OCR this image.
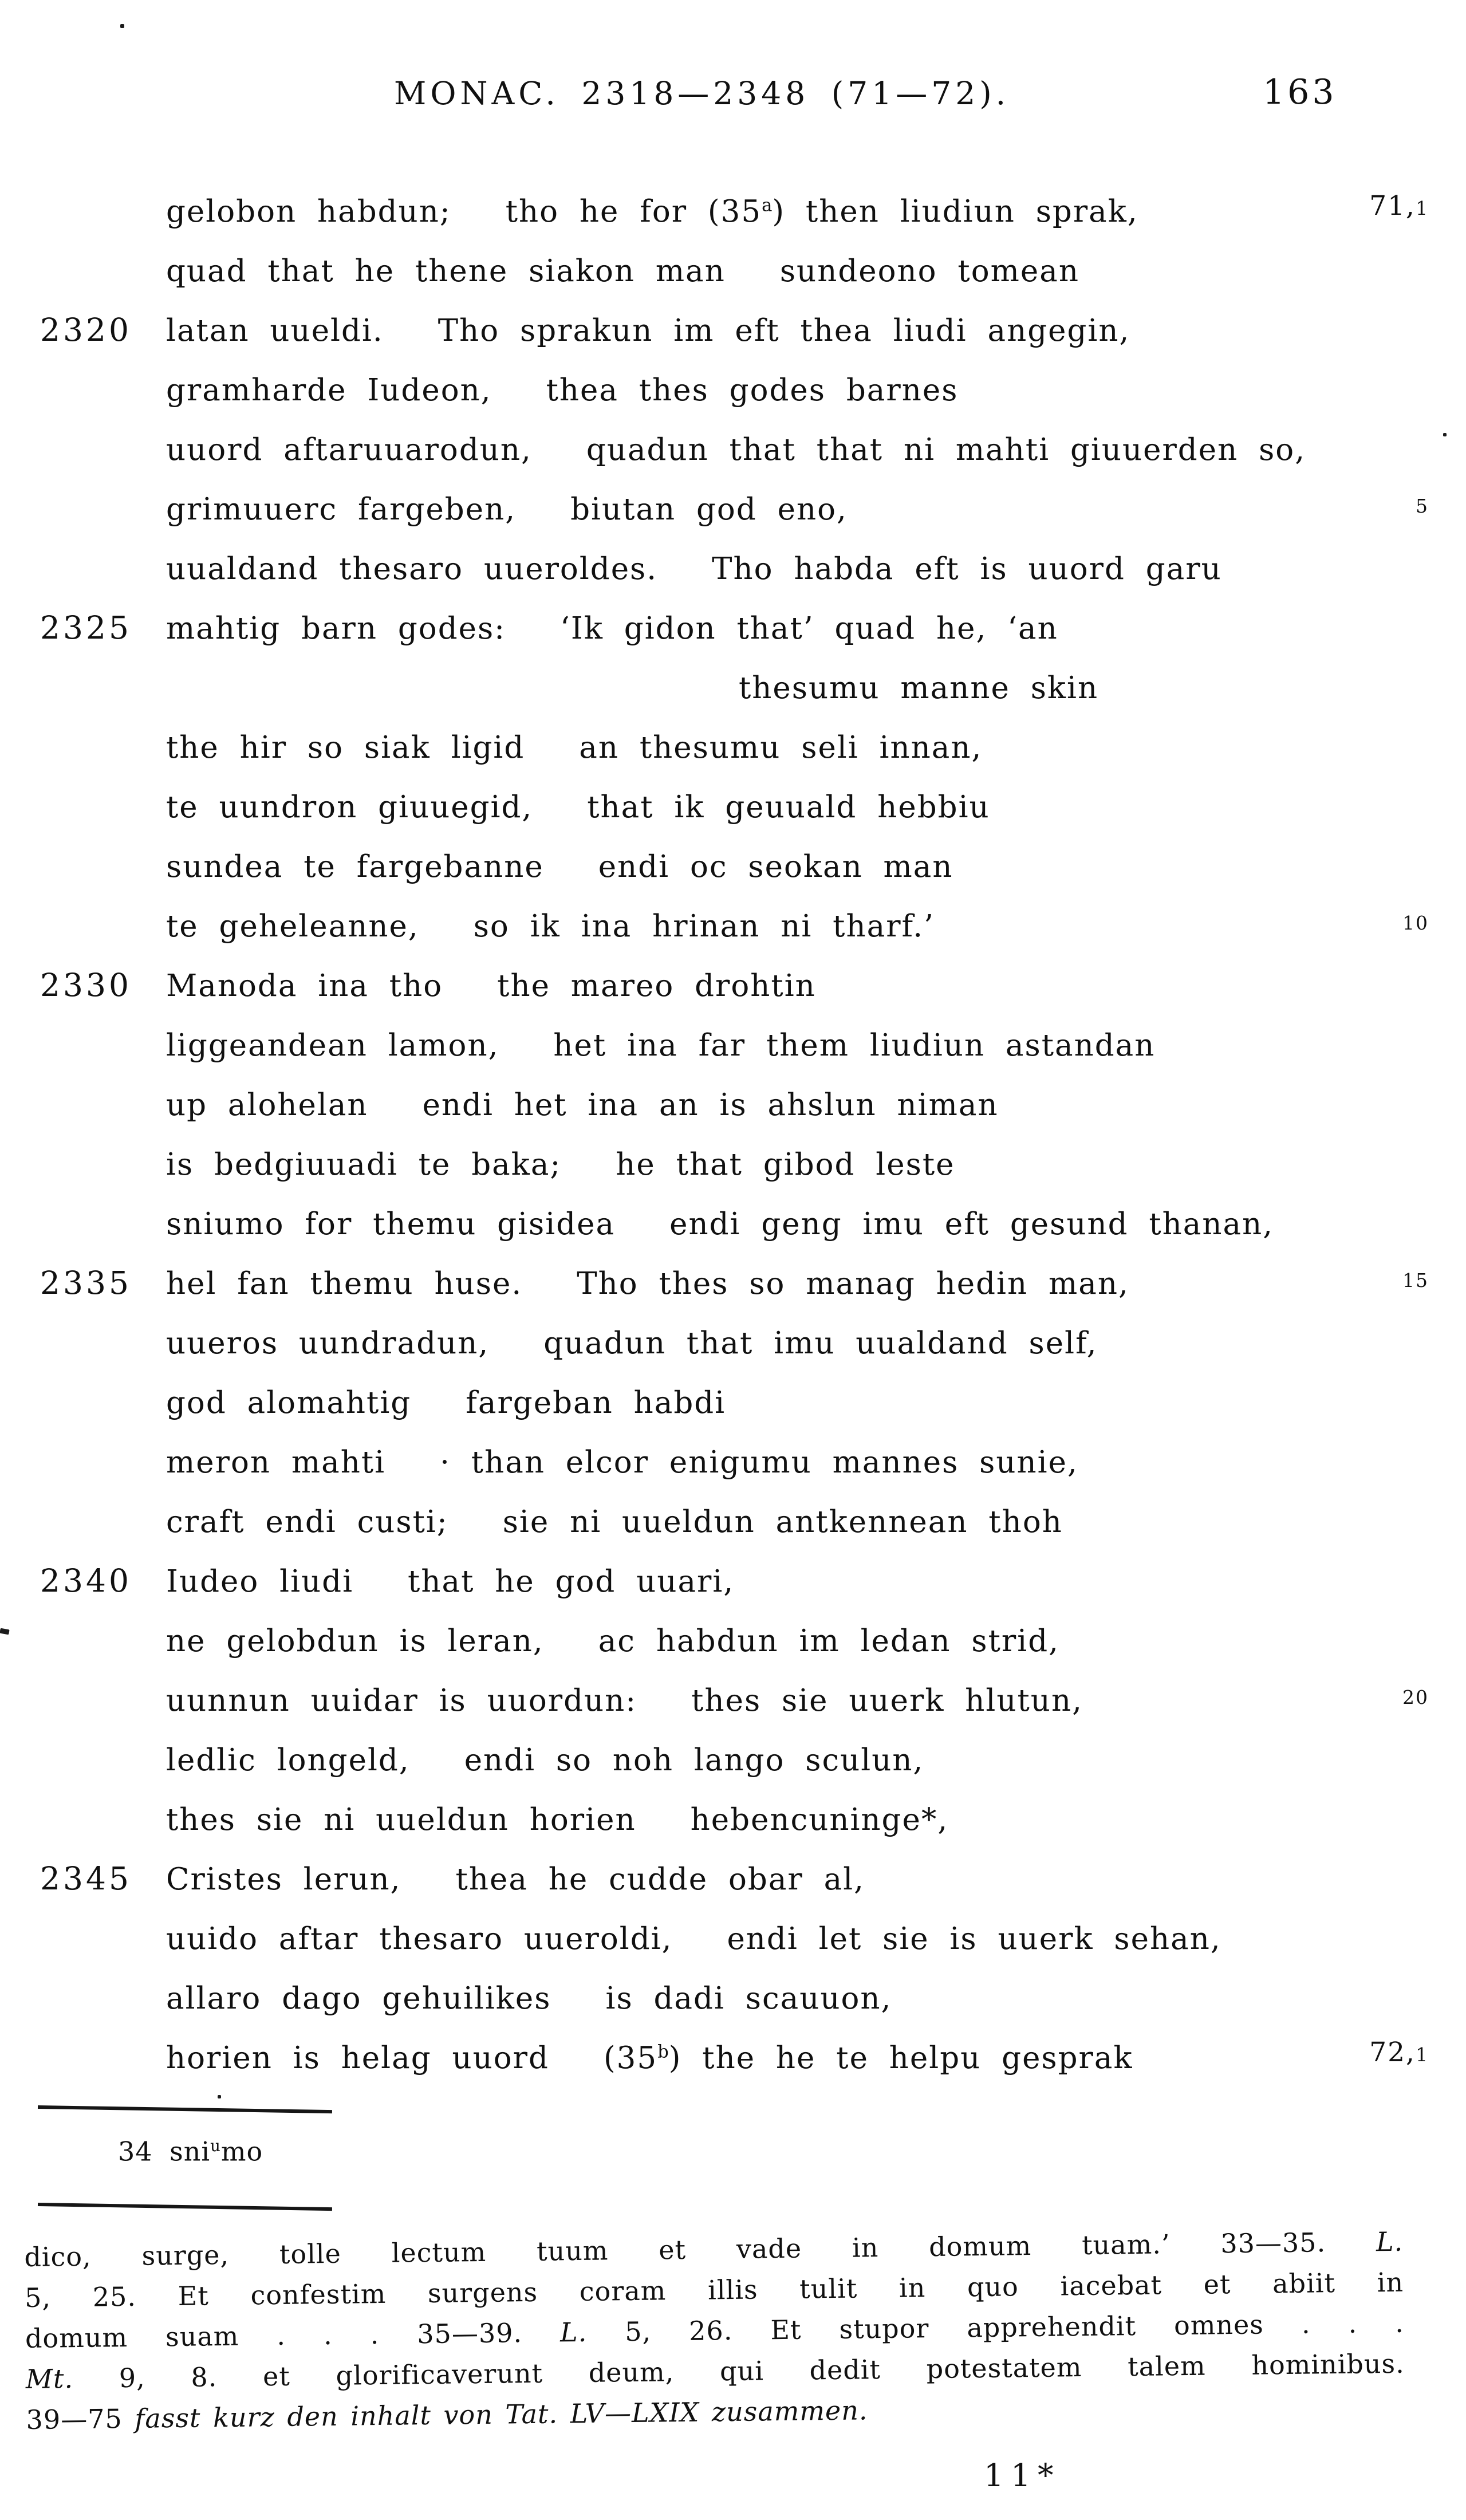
MONAC. 2318—2348 (71—72).	163
gelobon habdun; tho he for (35$^a$) then liudiun sprak,	71,1
quad that he thene siakon man sundeono tomean
2320 latan uueldi. Tho sprakun im eft thea liudi angegin,
gramharde Iudeon, thea thes godes barnes
uuord aftaruuarodun, quadun that that ni mahti giuuerden so,
grimuuerc fargeben, biutan god eno,	5
uualdand thesaro uueroldes. Tho habda eft is uuord garu
2325 mahtig barn godes: ‘Ik gidon that’ quad he, ‘an
thesumu manne skin
the hir so siak ligid an thesumu seli innan,
te uundron giuuegid, that ik geuuald hebbiu
sundea te fargebanne endi oc seokan man
te geheleanne, so ik ina hrinan ni tharf.’	10
2330 Manoda ina tho the mareo drohtin
liggeandean lamon, het ina far them liudiun astandan
up alohelan endi het ina an is ahslun niman
is bedgiuuadi te baka; he that gibod leste
sniumo for themu gisidea endi geng imu eft gesund thanan,
2335 hel fan themu huse. Tho thes so manag hedin man,	15
uueros uundradun, quadun that imu uualdand self,
god alomahtig fargeban habdi
meron mahti · than elcor enigumu mannes sunie,
craft endi custi; sie ni uueldun antkennean thoh
2340 Iudeo liudi that he god uuari,
ne gelobdun is leran, ac habdun im ledan strid,
uunnun uuidar is uuordun: thes sie uuerk hlutun,	20
ledlic longeld, endi so noh lango sculun,
thes sie ni uueldun horien hebencuninge*,
2345 Cristes lerun, thea he cudde obar al,
uuido aftar thesaro uueroldi, endi let sie is uuerk sehan,
allaro dago gehuilikes is dadi scauuon,
horien is helag uuord (35$^b$) the he te helpu gesprak	72,1
34 sni$^u$mo
dico, surge, tolle lectum tuum et vade in domum tuam.’ 33—35. L.
5, 25. Et confestim surgens coram illis tulit in quo iacebat et abiit in
domum suam . . . 35—39. L. 5, 26. Et stupor apprehendit omnes . . .
Mt. 9, 8. et glorificaverunt deum, qui dedit potestatem talem hominibus.
39—75 fasst kurz den inhalt von Tat. LV—LXIX zusammen.
11*
